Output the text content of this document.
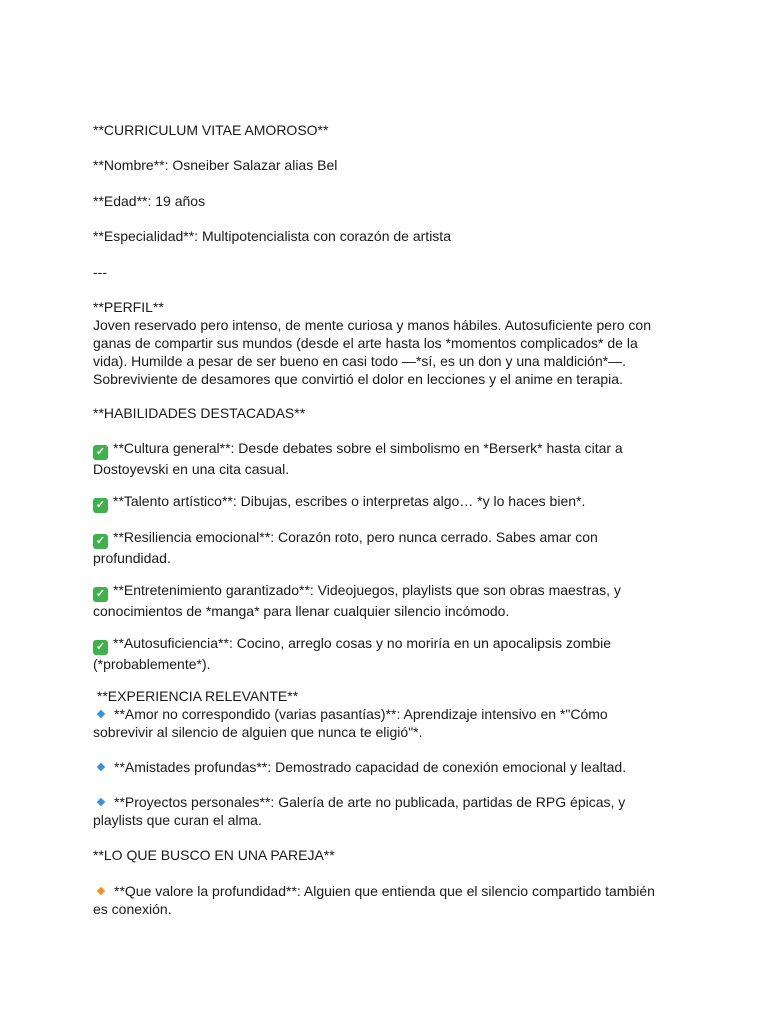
**CURRICULUM VITAE AMOROSO**
**Nombre**: Osneiber Salazar alias Bel
**Edad**: 19 años
**Especialidad**: Multipotencialista con corazón de artista
---
**PERFIL**
Joven reservado pero intenso, de mente curiosa y manos hábiles. Autosuficiente pero con ganas de compartir sus mundos (desde el arte hasta los *momentos complicados* de la vida). Humilde a pesar de ser bueno en casi todo —*sí, es un don y una maldición*—. Sobreviviente de desamores que convirtió el dolor en lecciones y el anime en terapia.
**HABILIDADES DESTACADAS**
✓ **Cultura general**: Desde debates sobre el simbolismo en *Berserk* hasta citar a Dostoyevski en una cita casual.
✓ **Talento artístico**: Dibujas, escribes o interpretas algo… *y lo haces bien*.
✓ **Resiliencia emocional**: Corazón roto, pero nunca cerrado. Sabes amar con profundidad.
✓ **Entretenimiento garantizado**: Videojuegos, playlists que son obras maestras, y conocimientos de *manga* para llenar cualquier silencio incómodo.
✓ **Autosuficiencia**: Cocino, arreglo cosas y no moriría en un apocalipsis zombie (*probablemente*).
**EXPERIENCIA RELEVANTE**
**Amor no correspondido (varias pasantías)**: Aprendizaje intensivo en *"Cómo sobrevivir al silencio de alguien que nunca te eligió"*.
**Amistades profundas**: Demostrado capacidad de conexión emocional y lealtad.
**Proyectos personales**: Galería de arte no publicada, partidas de RPG épicas, y playlists que curan el alma.
**LO QUE BUSCO EN UNA PAREJA**
**Que valore la profundidad**: Alguien que entienda que el silencio compartido también es conexión.
